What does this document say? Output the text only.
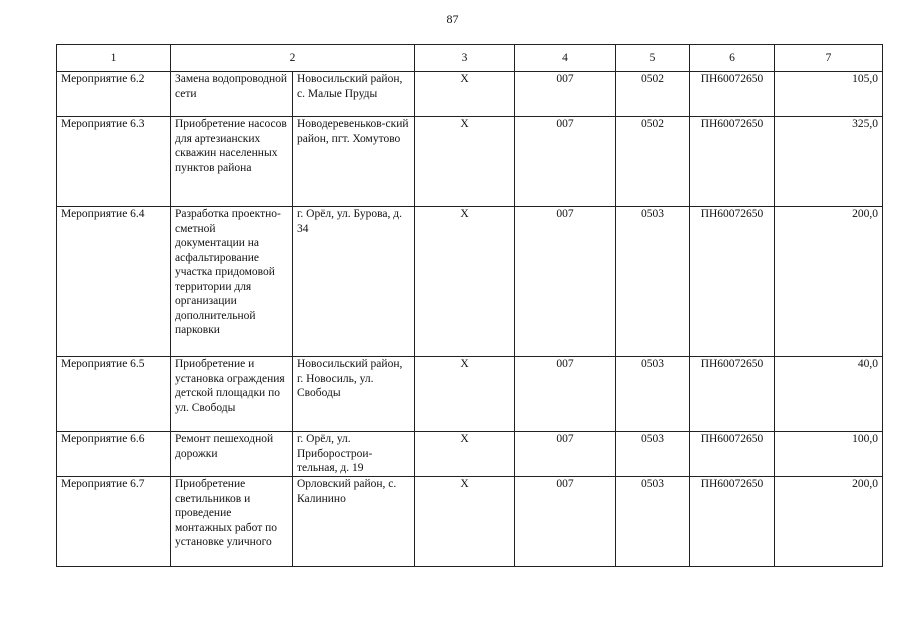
87
1	2		3	4	5	6	7
Мероприятие 6.2	Замена водопроводной сети	Новосильский район, с. Малые Пруды	Х	007	0502	ПН60072650	105,0
Мероприятие 6.3	Приобретение насосов для артезианских скважин населенных пунктов района	Новодеревеньков-ский район, пгт. Хомутово	Х	007	0502	ПН60072650	325,0
Мероприятие 6.4	Разработка проектно-сметной документации на асфальтирование участка придомовой территории для организации дополнительной парковки	г. Орёл, ул. Бурова, д. 34	Х	007	0503	ПН60072650	200,0
Мероприятие 6.5	Приобретение и установка ограждения детской площадки по ул. Свободы	Новосильский район, г. Новосиль, ул. Свободы	Х	007	0503	ПН60072650	40,0
Мероприятие 6.6	Ремонт пешеходной дорожки	г. Орёл, ул. Приборострои-тельная, д. 19	Х	007	0503	ПН60072650	100,0
Мероприятие 6.7	Приобретение светильников и проведение монтажных работ по установке уличного	Орловский район, с. Калинино	Х	007	0503	ПН60072650	200,0
